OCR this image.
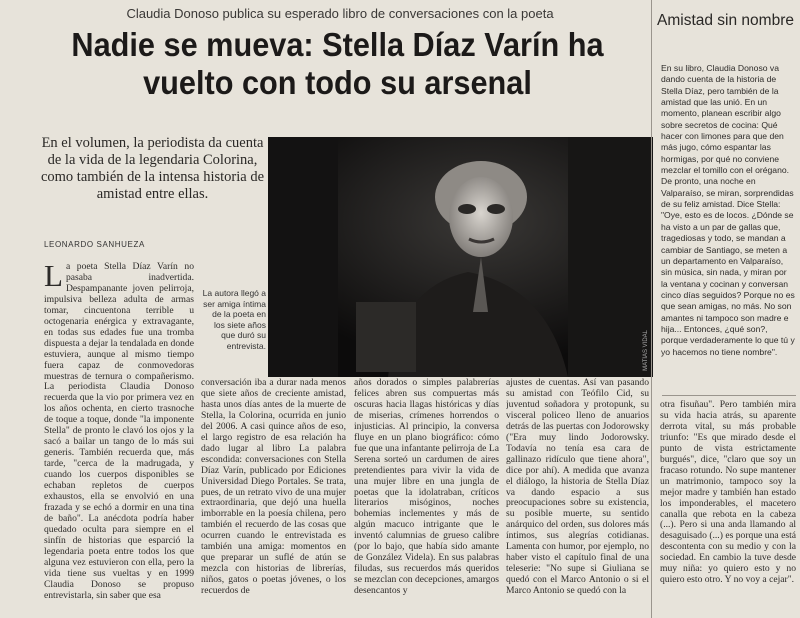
Claudia Donoso publica su esperado libro de conversaciones con la poeta
Nadie se mueva: Stella Díaz Varín ha vuelto con todo su arsenal
En el volumen, la periodista da cuenta de la vida de la legendaria Colorina, como también de la intensa historia de amistad entre ellas.
LEONARDO SANHUEZA
MATÍAS VIDAL
La autora llegó a ser amiga íntima de la poeta en los siete años que duró su entrevista.
La poeta Stella Díaz Varín no pasaba inadvertida. Despampanante joven pelirroja, impulsiva belleza adulta de armas tomar, cincuentona terrible u octogenaria enérgica y extravagante, en todas sus edades fue una tromba dispuesta a dejar la tendalada en donde estuviera, aunque al mismo tiempo fuera capaz de conmovedoras muestras de ternura o compañerismo. La periodista Claudia Donoso recuerda que la vio por primera vez en los años ochenta, en cierto trasnoche de toque a toque, donde "la imponente Stella" de pronto le clavó los ojos y la sacó a bailar un tango de lo más sui generis. También recuerda que, más tarde, "cerca de la madrugada, y cuando los cuerpos disponibles se echaban repletos de cuerpos exhaustos, ella se envolvió en una frazada y se echó a dormir en una tina de baño". La anécdota podría haber quedado oculta para siempre en el sinfín de historias que esparció la legendaria poeta entre todos los que alguna vez estuvieron con ella, pero la vida tiene sus vueltas y en 1999 Claudia Donoso se propuso entrevistarla, sin saber que esa
conversación iba a durar nada menos que siete años de creciente amistad, hasta unos días antes de la muerte de Stella, la Colorina, ocurrida en junio del 2006. A casi quince años de eso, el largo registro de esa relación ha dado lugar al libro La palabra escondida: conversaciones con Stella Díaz Varín, publicado por Ediciones Universidad Diego Portales. Se trata, pues, de un retrato vivo de una mujer extraordinaria, que dejó una huella imborrable en la poesía chilena, pero también el recuerdo de las cosas que ocurren cuando le entrevistada es también una amiga: momentos en que preparar un suflé de atún se mezcla con historias de librerías, niños, gatos o poetas jóvenes, o los recuerdos de
años dorados o simples palabrerías felices abren sus compuertas más oscuras hacia llagas históricas y días de miserias, crímenes horrendos o injusticias. Al principio, la conversa fluye en un plano biográfico: cómo fue que una infantante pelirroja de La Serena sorteó un cardumen de aires pretendientes para vivir la vida de una mujer libre en una jungla de poetas que la idolatraban, críticos literarios misóginos, noches bohemias inclementes y más de algún macuco intrigante que le inventó calumnias de grueso calibre (por lo bajo, que había sido amante de González Videla). En sus palabras filudas, sus recuerdos más queridos se mezclan con decepciones, amargos desencantos y
ajustes de cuentas. Así van pasando su amistad con Teófilo Cid, su juventud soñadora y protopunk, su visceral policeo lleno de anuarios detrás de las puertas con Jodorowsky ("Era muy lindo Jodorowsky. Todavía no tenía esa cara de gallinazo ridículo que tiene ahora", dice por ahí). A medida que avanza el diálogo, la historia de Stella Díaz va dando espacio a sus preocupaciones sobre su existencia, su posible muerte, su sentido anárquico del orden, sus dolores más íntimos, sus alegrías cotidianas. Lamenta con humor, por ejemplo, no haber visto el capítulo final de una teleserie: "No supe si Giuliana se quedó con el Marco Antonio o si el Marco Antonio se quedó con la
Amistad sin nombre
En su libro, Claudia Donoso va dando cuenta de la historia de Stella Díaz, pero también de la amistad que las unió. En un momento, planean escribir algo sobre secretos de cocina: Qué hacer con limones para que den más jugo, cómo espantar las hormigas, por qué no conviene mezclar el tomillo con el orégano. De pronto, una noche en Valparaíso, se miran, sorprendidas de su feliz amistad. Dice Stella: "Oye, esto es de locos. ¿Dónde se ha visto a un par de gallas que, tragediosas y todo, se mandan a cambiar de Santiago, se meten a un departamento en Valparaíso, sin música, sin nada, y miran por la ventana y cocinan y conversan cinco días seguidos? Porque no es que sean amigas, no más. No son amantes ni tampoco son madre e hija... Entonces, ¿qué son?, porque verdaderamente lo que tú y yo hacemos no tiene nombre".
otra fisuñau". Pero también mira su vida hacia atrás, su aparente derrota vital, su más probable triunfo: "Es que mirado desde el punto de vista estrictamente burgués", dice, "claro que soy un fracaso rotundo. No supe mantener un matrimonio, tampoco soy la mejor madre y también han estado los imponderables, el macetero canalla que rebota en la cabeza (...). Pero si una anda llamando al desaguisado (...) es porque una está descontenta con su medio y con la sociedad. En cambio la tuve desde muy niña: yo quiero esto y no quiero esto otro. Y no voy a cejar".
